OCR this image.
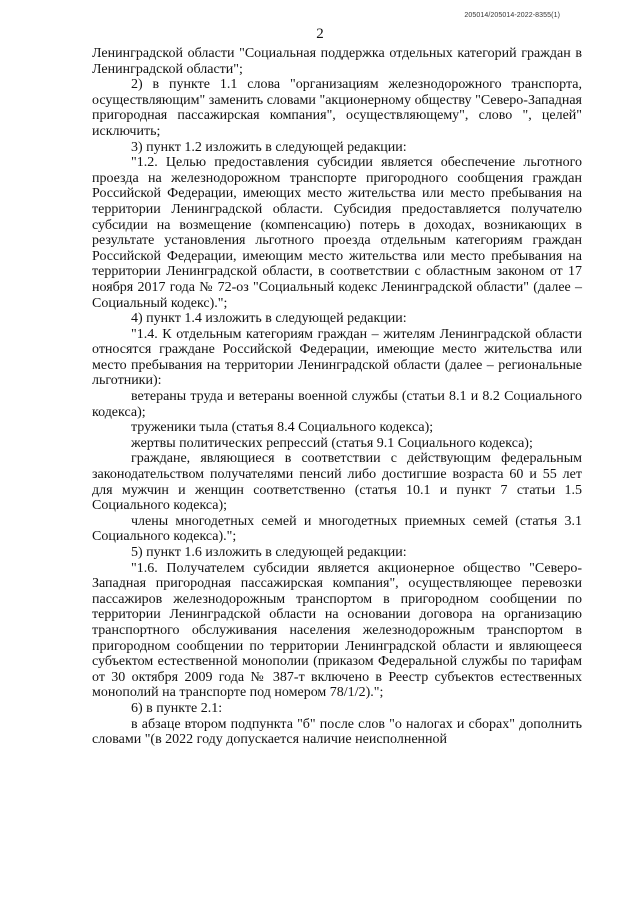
205014/205014-2022-8355(1)
2

Ленинградской области "Социальная поддержка отдельных категорий граждан в Ленинградской области";

2) в пункте 1.1 слова "организациям железнодорожного транспорта, осуществляющим" заменить словами "акционерному обществу "Северо-Западная пригородная пассажирская компания", осуществляющему", слово ", целей" исключить;

3) пункт 1.2 изложить в следующей редакции:

"1.2. Целью предоставления субсидии является обеспечение льготного проезда на железнодорожном транспорте пригородного сообщения граждан Российской Федерации, имеющих место жительства или место пребывания на территории Ленинградской области. Субсидия предоставляется получателю субсидии на возмещение (компенсацию) потерь в доходах, возникающих в результате установления льготного проезда отдельным категориям граждан Российской Федерации, имеющим место жительства или место пребывания на территории Ленинградской области, в соответствии с областным законом от 17 ноября 2017 года № 72-оз "Социальный кодекс Ленинградской области" (далее – Социальный кодекс).";

4) пункт 1.4 изложить в следующей редакции:

"1.4. К отдельным категориям граждан – жителям Ленинградской области относятся граждане Российской Федерации, имеющие место жительства или место пребывания на территории Ленинградской области (далее – региональные льготники):

ветераны труда и ветераны военной службы (статьи 8.1 и 8.2 Социального кодекса);

труженики тыла (статья 8.4 Социального кодекса);

жертвы политических репрессий (статья 9.1 Социального кодекса);

граждане, являющиеся в соответствии с действующим федеральным законодательством получателями пенсий либо достигшие возраста 60 и 55 лет для мужчин и женщин соответственно (статья 10.1 и пункт 7 статьи 1.5 Социального кодекса);

члены многодетных семей и многодетных приемных семей (статья 3.1 Социального кодекса).";

5) пункт 1.6 изложить в следующей редакции:

"1.6. Получателем субсидии является акционерное общество "Северо-Западная пригородная пассажирская компания", осуществляющее перевозки пассажиров железнодорожным транспортом в пригородном сообщении по территории Ленинградской области на основании договора на организацию транспортного обслуживания населения железнодорожным транспортом в пригородном сообщении по территории Ленинградской области и являющееся субъектом естественной монополии (приказом Федеральной службы по тарифам от 30 октября 2009 года № 387-т включено в Реестр субъектов естественных монополий на транспорте под номером 78/1/2).";

6) в пункте 2.1:

в абзаце втором подпункта "б" после слов "о налогах и сборах" дополнить словами "(в 2022 году допускается наличие неисполненной
